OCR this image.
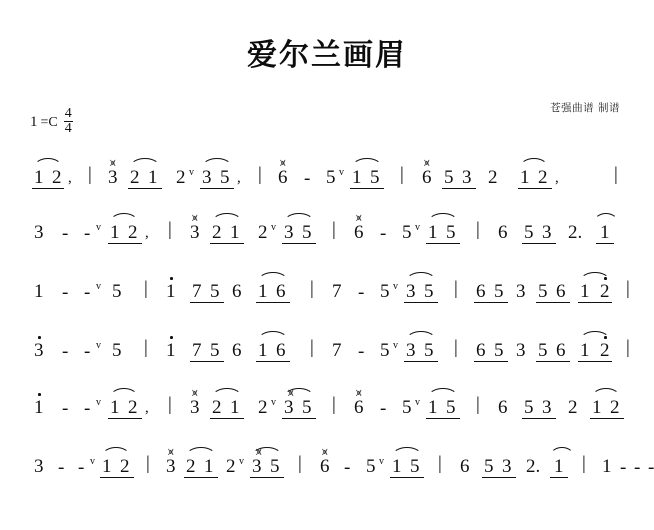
爱尔兰画眉
苍强曲谱 制谱
$1 =C \frac{4}{4}$
1 2 , |
⩙
3 2 1 2 v 3 5 , |
⩙
6 - 5 v 1 5 |
⩙
6 5 3 2 1 2 ,	|
3 - - v 1 2 , |
⩙
3 2 1 2 v 3 5 |
⩙
6 - 5 v 1 5 | 6 5 3 2. 1
1 - - v 5 | 1 7 5 6 1 6 | 7 - 5 v 3 5 | 6 5 3 5 6 1 2 |
3 - - v 5 | 1 7 5 6 1 6 | 7 - 5 v 3 5 | 6 5 3 5 6 1 2 |
1 - - v 1 2 , |
⩙
3 2 1 2 v
⩙
3 5 |
⩙
6 - 5 v 1 5 | 6 5 3 2 1 2
3 - - v 1 2 |
⩙
3 2 1 2 v
⩙
3 5 |
⩙
6 - 5 v 1 5 | 6 5 3 2. 1 | 1 - - -
